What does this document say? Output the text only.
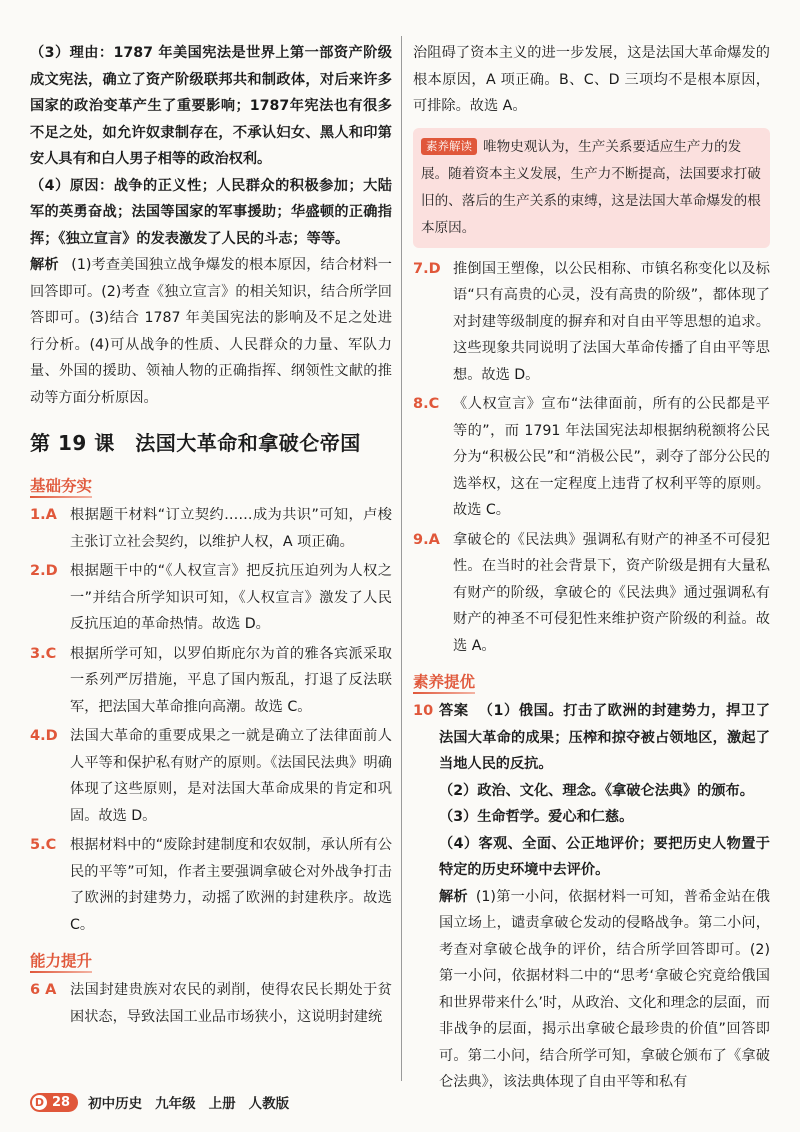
（3）理由：1787 年美国宪法是世界上第一部资产阶级成文宪法，确立了资产阶级联邦共和制政体，对后来许多国家的政治变革产生了重要影响；1787年宪法也有很多不足之处，如允许奴隶制存在，不承认妇女、黑人和印第安人具有和白人男子相等的政治权利。

（4）原因：战争的正义性；人民群众的积极参加；大陆军的英勇奋战；法国等国家的军事援助；华盛顿的正确指挥；《独立宣言》的发表激发了人民的斗志；等等。

解析 (1)考查美国独立战争爆发的根本原因，结合材料一回答即可。(2)考查《独立宣言》的相关知识，结合所学回答即可。(3)结合 1787 年美国宪法的影响及不足之处进行分析。(4)可从战争的性质、人民群众的力量、军队力量、外国的援助、领袖人物的正确指挥、纲领性文献的推动等方面分析原因。

第 19 课　法国大革命和拿破仑帝国
基础夯实
1.A 根据题干材料“订立契约……成为共识”可知，卢梭主张订立社会契约，以维护人权，A 项正确。
2.D 根据题干中的“《人权宣言》把反抗压迫列为人权之一”并结合所学知识可知，《人权宣言》激发了人民反抗压迫的革命热情。故选 D。
3.C 根据所学可知，以罗伯斯庇尔为首的雅各宾派采取一系列严厉措施，平息了国内叛乱，打退了反法联军，把法国大革命推向高潮。故选 C。
4.D 法国大革命的重要成果之一就是确立了法律面前人人平等和保护私有财产的原则。《法国民法典》明确体现了这些原则，是对法国大革命成果的肯定和巩固。故选 D。
5.C 根据材料中的“废除封建制度和农奴制，承认所有公民的平等”可知，作者主要强调拿破仑对外战争打击了欧洲的封建势力，动摇了欧洲的封建秩序。故选 C。
能力提升
6 A 法国封建贵族对农民的剥削，使得农民长期处于贫困状态，导致法国工业品市场狭小，这说明封建统

治阻碍了资本主义的进一步发展，这是法国大革命爆发的根本原因，A 项正确。B、C、D 三项均不是根本原因，可排除。故选 A。

素养解读 唯物史观认为，生产关系要适应生产力的发展。随着资本主义发展，生产力不断提高，法国要求打破旧的、落后的生产关系的束缚，这是法国大革命爆发的根本原因。
7.D 推倒国王塑像，以公民相称、市镇名称变化以及标语“只有高贵的心灵，没有高贵的阶级”，都体现了对封建等级制度的摒弃和对自由平等思想的追求。这些现象共同说明了法国大革命传播了自由平等思想。故选 D。
8.C 《人权宣言》宣布“法律面前，所有的公民都是平等的”，而 1791 年法国宪法却根据纳税额将公民分为“积极公民”和“消极公民”，剥夺了部分公民的选举权，这在一定程度上违背了权利平等的原则。故选 C。
9.A 拿破仑的《民法典》强调私有财产的神圣不可侵犯性。在当时的社会背景下，资产阶级是拥有大量私有财产的阶级，拿破仑的《民法典》通过强调私有财产的神圣不可侵犯性来维护资产阶级的利益。故选 A。
素养提优
10 答案 （1）俄国。打击了欧洲的封建势力，捍卫了法国大革命的成果；压榨和掠夺被占领地区，激起了当地人民的反抗。
（2）政治、文化、理念。《拿破仑法典》的颁布。
（3）生命哲学。爱心和仁慈。
（4）客观、全面、公正地评价；要把历史人物置于特定的历史环境中去评价。
解析 (1)第一小问，依据材料一可知，普希金站在俄国立场上，谴责拿破仑发动的侵略战争。第二小问，考查对拿破仑战争的评价，结合所学回答即可。(2)第一小问，依据材料二中的“思考‘拿破仑究竟给俄国和世界带来什么’时，从政治、文化和理念的层面，而非战争的层面，揭示出拿破仑最珍贵的价值”回答即可。第二小问，结合所学可知，拿破仑颁布了《拿破仑法典》，该法典体现了自由平等和私有
D 28 初中历史 九年级 上册 人教版
